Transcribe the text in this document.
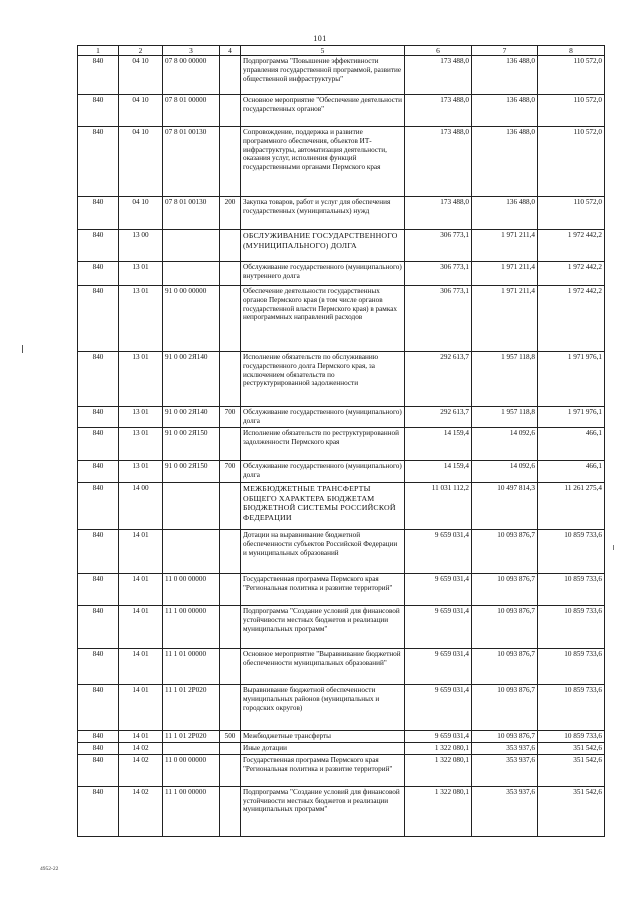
101
1	2	3	4	5	6	7	8
840	04 10	07 8 00 00000		Подпрограмма "Повышение эффективности управления государственной программой, развитие общественной инфраструктуры"	173 488,0	136 488,0	110 572,0
840	04 10	07 8 01 00000		Основное мероприятие "Обеспечение деятельности государственных органов"	173 488,0	136 488,0	110 572,0
840	04 10	07 8 01 00130		Сопровождение, поддержка и развитие программного обеспечения, объектов ИТ-инфраструктуры, автоматизация деятельности, оказания услуг, исполнения функций государственными органами Пермского края	173 488,0	136 488,0	110 572,0
840	04 10	07 8 01 00130	200	Закупка товаров, работ и услуг для обеспечения государственных (муниципальных) нужд	173 488,0	136 488,0	110 572,0
840	13 00			ОБСЛУЖИВАНИЕ ГОСУДАРСТВЕННОГО (МУНИЦИПАЛЬНОГО) ДОЛГА	306 773,1	1 971 211,4	1 972 442,2
840	13 01			Обслуживание государственного (муниципального) внутреннего долга	306 773,1	1 971 211,4	1 972 442,2
840	13 01	91 0 00 00000		Обеспечение деятельности государственных органов Пермского края (в том числе органов государственной власти Пермского края) в рамках непрограммных направлений расходов	306 773,1	1 971 211,4	1 972 442,2
840	13 01	91 0 00 2Я140		Исполнение обязательств по обслуживанию государственного долга Пермского края, за исключением обязательств по реструктурированной задолженности	292 613,7	1 957 118,8	1 971 976,1
840	13 01	91 0 00 2Я140	700	Обслуживание государственного (муниципального) долга	292 613,7	1 957 118,8	1 971 976,1
840	13 01	91 0 00 2Я150		Исполнение обязательств по реструктурированной задолженности Пермского края	14 159,4	14 092,6	466,1
840	13 01	91 0 00 2Я150	700	Обслуживание государственного (муниципального) долга	14 159,4	14 092,6	466,1
840	14 00			МЕЖБЮДЖЕТНЫЕ ТРАНСФЕРТЫ ОБЩЕГО ХАРАКТЕРА БЮДЖЕТАМ БЮДЖЕТНОЙ СИСТЕМЫ РОССИЙСКОЙ ФЕДЕРАЦИИ	11 031 112,2	10 497 814,3	11 261 275,4
840	14 01			Дотации на выравнивание бюджетной обеспеченности субъектов Российской Федерации и муниципальных образований	9 659 031,4	10 093 876,7	10 859 733,6
840	14 01	11 0 00 00000		Государственная программа Пермского края "Региональная политика и развитие территорий"	9 659 031,4	10 093 876,7	10 859 733,6
840	14 01	11 1 00 00000		Подпрограмма "Создание условий для финансовой устойчивости местных бюджетов и реализации муниципальных программ"	9 659 031,4	10 093 876,7	10 859 733,6
840	14 01	11 1 01 00000		Основное мероприятие "Выравнивание бюджетной обеспеченности муниципальных образований"	9 659 031,4	10 093 876,7	10 859 733,6
840	14 01	11 1 01 2Р020		Выравнивание бюджетной обеспеченности муниципальных районов (муниципальных и городских округов)	9 659 031,4	10 093 876,7	10 859 733,6
840	14 01	11 1 01 2Р020	500	Межбюджетные трансферты	9 659 031,4	10 093 876,7	10 859 733,6
840	14 02			Иные дотации	1 322 080,1	353 937,6	351 542,6
840	14 02	11 0 00 00000		Государственная программа Пермского края "Региональная политика и развитие территорий"	1 322 080,1	353 937,6	351 542,6
840	14 02	11 1 00 00000		Подпрограмма "Создание условий для финансовой устойчивости местных бюджетов и реализации муниципальных программ"	1 322 080,1	353 937,6	351 542,6
4952-22
